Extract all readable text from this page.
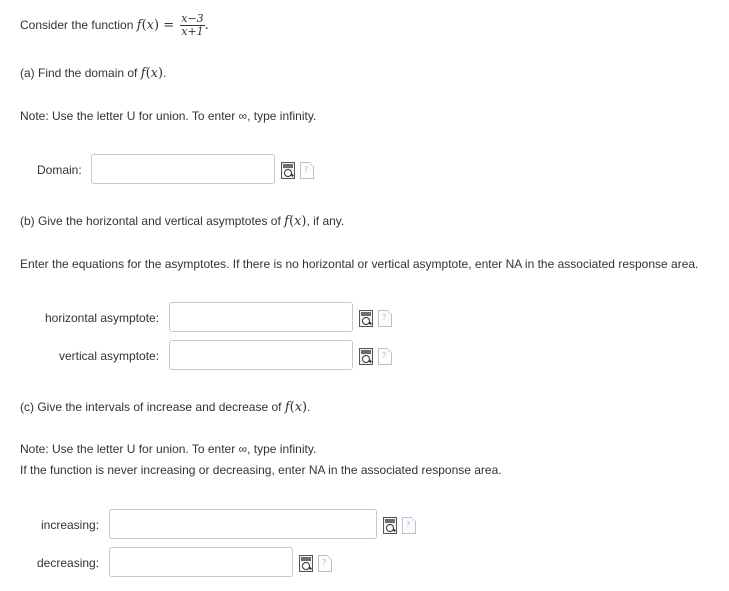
Consider the function $f(x) = \frac{x-3}{x+1}$ .
(a) Find the domain of f(x).
Note: Use the letter U for union. To enter ∞, type infinity.
Domain:
?
(b) Give the horizontal and vertical asymptotes of f(x), if any.
Enter the equations for the asymptotes. If there is no horizontal or vertical asymptote, enter NA in the associated response area.
horizontal asymptote:
?
vertical asymptote:
?
(c) Give the intervals of increase and decrease of f(x).
Note: Use the letter U for union. To enter ∞, type infinity.
If the function is never increasing or decreasing, enter NA in the associated response area.
increasing:
?
decreasing:
?
